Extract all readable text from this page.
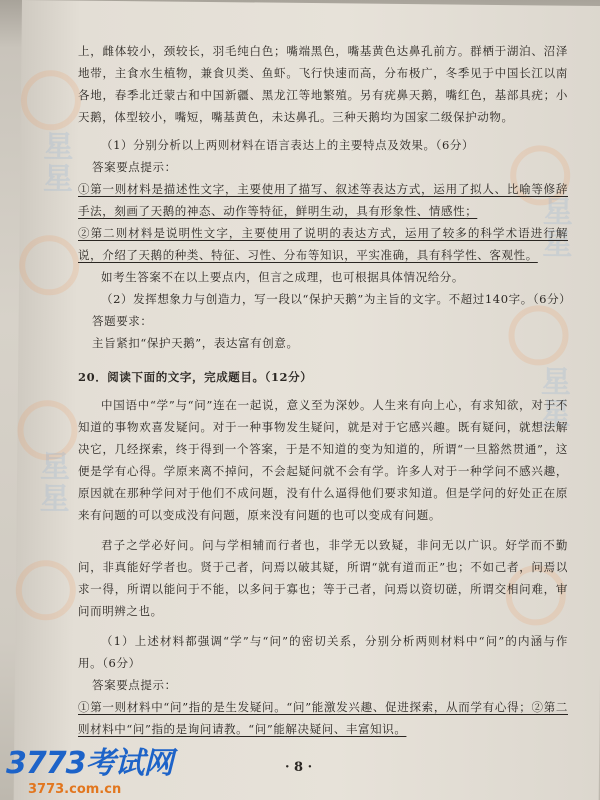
星星
星星
星星
星星

上，雌体较小，颈较长，羽毛纯白色；嘴端黑色，嘴基黄色达鼻孔前方。群栖于湖泊、沼泽地带，主食水生植物，兼食贝类、鱼虾。飞行快速而高，分布极广，冬季见于中国长江以南各地，春季北迁蒙古和中国新疆、黑龙江等地繁殖。另有疣鼻天鹅，嘴红色，基部具疣；小天鹅，体型较小，嘴短，嘴基黄色，未达鼻孔。三种天鹅均为国家二级保护动物。

（1）分别分析以上两则材料在语言表达上的主要特点及效果。（6分）

答案要点提示：

①第一则材料是描述性文字，主要使用了描写、叙述等表达方式，运用了拟人、比喻等修辞手法，刻画了天鹅的神态、动作等特征，鲜明生动，具有形象性、情感性；

②第二则材料是说明性文字，主要使用了说明的表达方式，运用了较多的科学术语进行解说，介绍了天鹅的种类、特征、习性、分布等知识，平实准确，具有科学性、客观性。

如考生答案不在以上要点内，但言之成理，也可根据具体情况给分。

（2）发挥想象力与创造力，写一段以“保护天鹅”为主旨的文字。不超过140字。（6分）

答题要求：

主旨紧扣“保护天鹅”，表达富有创意。

20．阅读下面的文字，完成题目。（12分）

中国语中“学”与“问”连在一起说，意义至为深妙。人生来有向上心，有求知欲，对于不知道的事物欢喜发疑问。对于一种事物发生疑问，就是对于它感兴趣。既有疑问，就想法解决它，几经探索，终于得到一个答案，于是不知道的变为知道的，所谓“一旦豁然贯通”，这便是学有心得。学原来离不掉问，不会起疑问就不会有学。许多人对于一种学问不感兴趣，原因就在那种学问对于他们不成问题，没有什么逼得他们要求知道。但是学问的好处正在原来有问题的可以变成没有问题，原来没有问题的也可以变成有问题。

君子之学必好问。问与学相辅而行者也，非学无以致疑，非问无以广识。好学而不勤问，非真能好学者也。贤于己者，问焉以破其疑，所谓“就有道而正”也；不如己者，问焉以求一得，所谓以能问于不能，以多问于寡也；等于己者，问焉以资切磋，所谓交相问难，审问而明辨之也。

（1）上述材料都强调“学”与“问”的密切关系，分别分析两则材料中“问”的内涵与作用。（6分）

答案要点提示：

①第一则材料中“问”指的是生发疑问。“问”能激发兴趣、促进探索，从而学有心得；②第二则材料中“问”指的是询问请教。“问”能解决疑问、丰富知识。

· 8 ·
3773考试网
3773.com.cn
